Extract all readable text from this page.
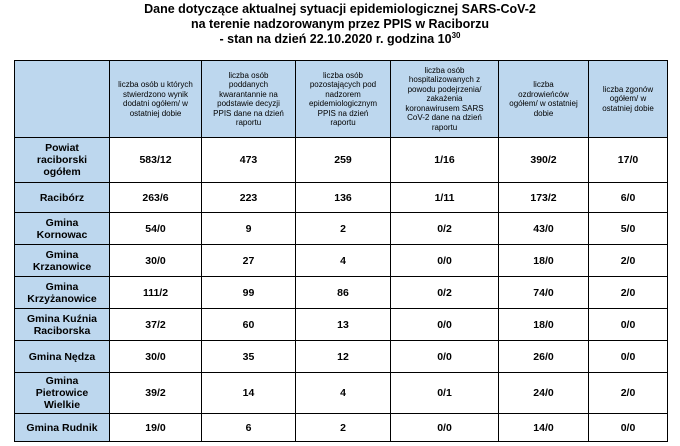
Dane dotyczące aktualnej sytuacji epidemiologicznej SARS-CoV-2
na terenie nadzorowanym przez PPIS w Raciborzu
- stan na dzień 22.10.2020 r. godzina $10^{30}$

	liczba osób u których stwierdzono wynik dodatni ogółem/ w ostatniej dobie	liczba osób poddanych kwarantannie na podstawie decyzji PPIS dane na dzień raportu	liczba osób pozostających pod nadzorem epidemiologicznym PPIS na dzień raportu	liczba osób hospitalizowanych z powodu podejrzenia/ zakażenia koronawirusem SARS CoV-2 dane na dzień raportu	liczba ozdrowieńców ogółem/ w ostatniej dobie	liczba zgonów ogółem/ w ostatniej dobie

Powiat
raciborski
ogółem	583/12	473	259	1/16	390/2	17/0

Racibórz	263/6	223	136	1/11	173/2	6/0

Gmina
Kornowac	54/0	9	2	0/2	43/0	5/0

Gmina
Krzanowice	30/0	27	4	0/0	18/0	2/0

Gmina
Krzyżanowice	111/2	99	86	0/2	74/0	2/0

Gmina Kuźnia
Raciborska	37/2	60	13	0/0	18/0	0/0

Gmina Nędza	30/0	35	12	0/0	26/0	0/0

Gmina
Pietrowice
Wielkie	39/2	14	4	0/1	24/0	2/0

Gmina Rudnik	19/0	6	2	0/0	14/0	0/0
